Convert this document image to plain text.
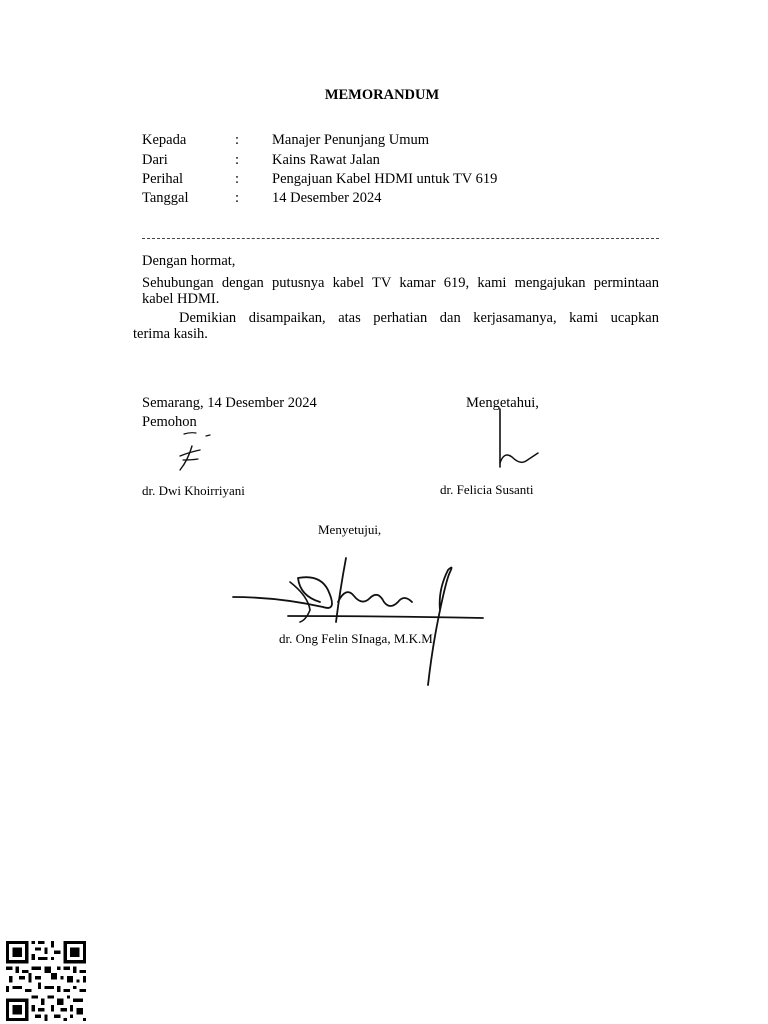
MEMORANDUM
Kepada	: Manajer Penunjang Umum
Dari	: Kains Rawat Jalan
Perihal	: Pengajuan Kabel HDMI untuk TV 619
Tanggal	: 14 Desember 2024
Dengan hormat,
Sehubungan dengan putusnya kabel TV kamar 619, kami mengajukan permintaan
kabel HDMI.
Demikian disampaikan, atas perhatian dan kerjasamanya, kami ucapkan
terima kasih.
Semarang, 14 Desember 2024
Pemohon
Mengetahui,
dr. Dwi Khoirriyani	dr. Felicia Susanti
Menyetujui,
dr. Ong Felin SInaga, M.K.M
